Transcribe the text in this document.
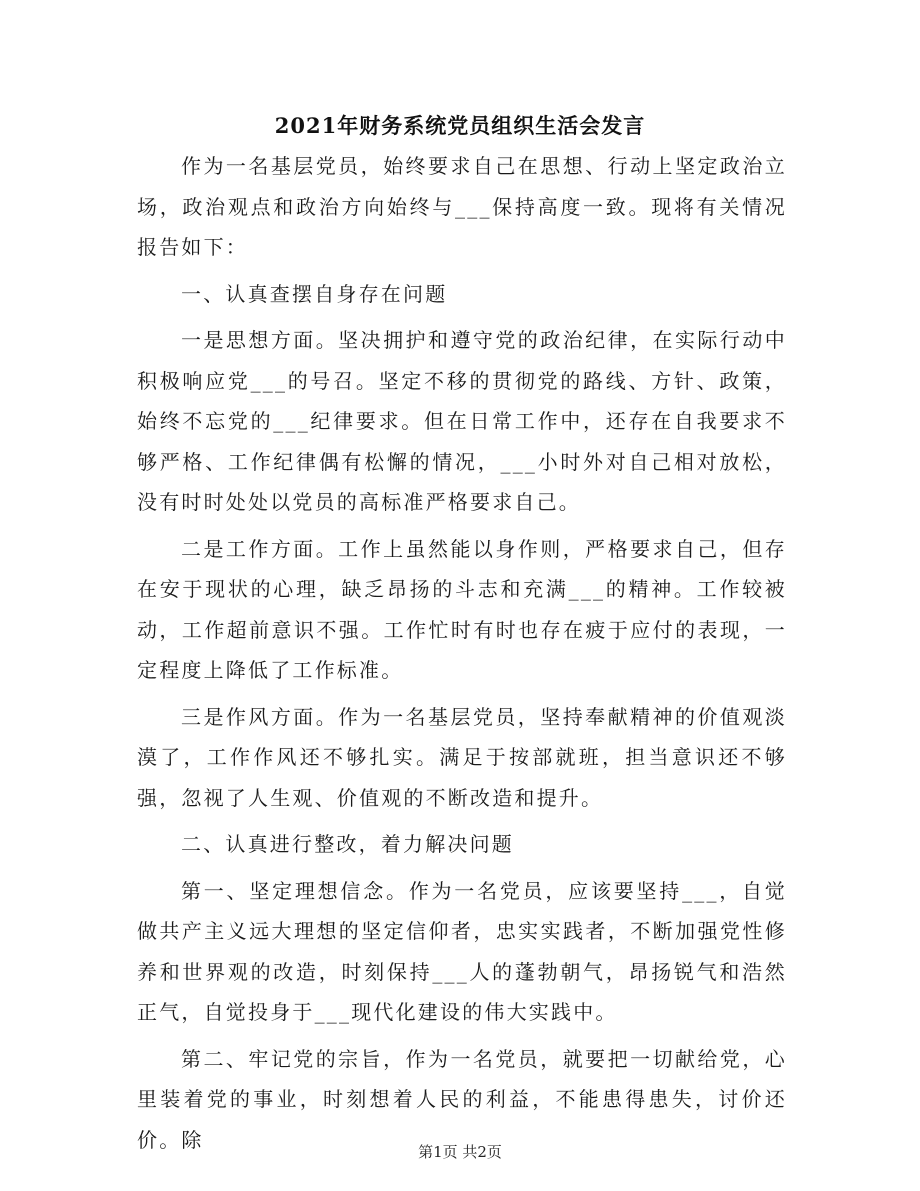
2021年财务系统党员组织生活会发言

作为一名基层党员，始终要求自己在思想、行动上坚定政治立场，政治观点和政治方向始终与___保持高度一致。现将有关情况报告如下：

一、认真查摆自身存在问题

一是思想方面。坚决拥护和遵守党的政治纪律，在实际行动中积极响应党___的号召。坚定不移的贯彻党的路线、方针、政策，始终不忘党的___纪律要求。但在日常工作中，还存在自我要求不够严格、工作纪律偶有松懈的情况，___小时外对自己相对放松，没有时时处处以党员的高标准严格要求自己。

二是工作方面。工作上虽然能以身作则，严格要求自己，但存在安于现状的心理，缺乏昂扬的斗志和充满___的精神。工作较被动，工作超前意识不强。工作忙时有时也存在疲于应付的表现，一定程度上降低了工作标准。

三是作风方面。作为一名基层党员，坚持奉献精神的价值观淡漠了，工作作风还不够扎实。满足于按部就班，担当意识还不够强，忽视了人生观、价值观的不断改造和提升。

二、认真进行整改，着力解决问题

第一、坚定理想信念。作为一名党员，应该要坚持___，自觉做共产主义远大理想的坚定信仰者，忠实实践者，不断加强党性修养和世界观的改造，时刻保持___人的蓬勃朝气，昂扬锐气和浩然正气，自觉投身于___现代化建设的伟大实践中。

第二、牢记党的宗旨，作为一名党员，就要把一切献给党，心里装着党的事业，时刻想着人民的利益，不能患得患失，讨价还价。除

第1页 共2页
